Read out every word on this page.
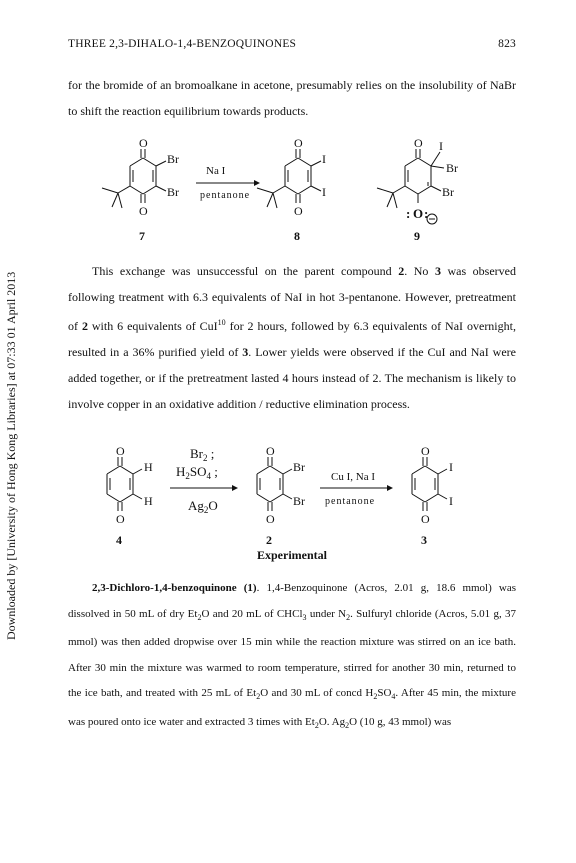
THREE 2,3-DIHALO-1,4-BENZOQUINONES	823
Downloaded by [University of Hong Kong Libraries] at 07:33 01 April 2013
for the bromide of an bromoalkane in acetone, presumably relies on the insolubility of NaBr to shift the reaction equilibrium towards products.
O
O
Br
Br
O
O
I
I
O I
Br
Br
O
: :
Na I
pentanone
7	8	9
This exchange was unsuccessful on the parent compound 2. No 3 was observed following treatment with 6.3 equivalents of NaI in hot 3-pentanone. However, pretreatment of 2 with 6 equivalents of CuI$^{10}$ for 2 hours, followed by 6.3 equivalents of NaI overnight, resulted in a 36% purified yield of 3. Lower yields were observed if the CuI and NaI were added together, or if the pretreatment lasted 4 hours instead of 2. The mechanism is likely to involve copper in an oxidative addition / reductive elimination process.
O
O
H
H
O
O
Br
Br
O
O
I
I
$Br_2$ ;
$H_2SO_4$ ;
$Ag_2O$
Cu I, Na I
pentanone
4	2	3
Experimental
2,3-Dichloro-1,4-benzoquinone (1). 1,4-Benzoquinone (Acros, 2.01 g, 18.6 mmol) was dissolved in 50 mL of dry $Et_2O$ and 20 mL of CHCl$_3$ under $N_2$. Sulfuryl chloride (Acros, 5.01 g, 37 mmol) was then added dropwise over 15 min while the reaction mixture was stirred on an ice bath. After 30 min the mixture was warmed to room temperature, stirred for another 30 min, returned to the ice bath, and treated with 25 mL of $Et_2O$ and 30 mL of concd $H_2SO_4$. After 45 min, the mixture was poured onto ice water and extracted 3 times with $Et_2O$. $Ag_2O$ (10 g, 43 mmol) was
